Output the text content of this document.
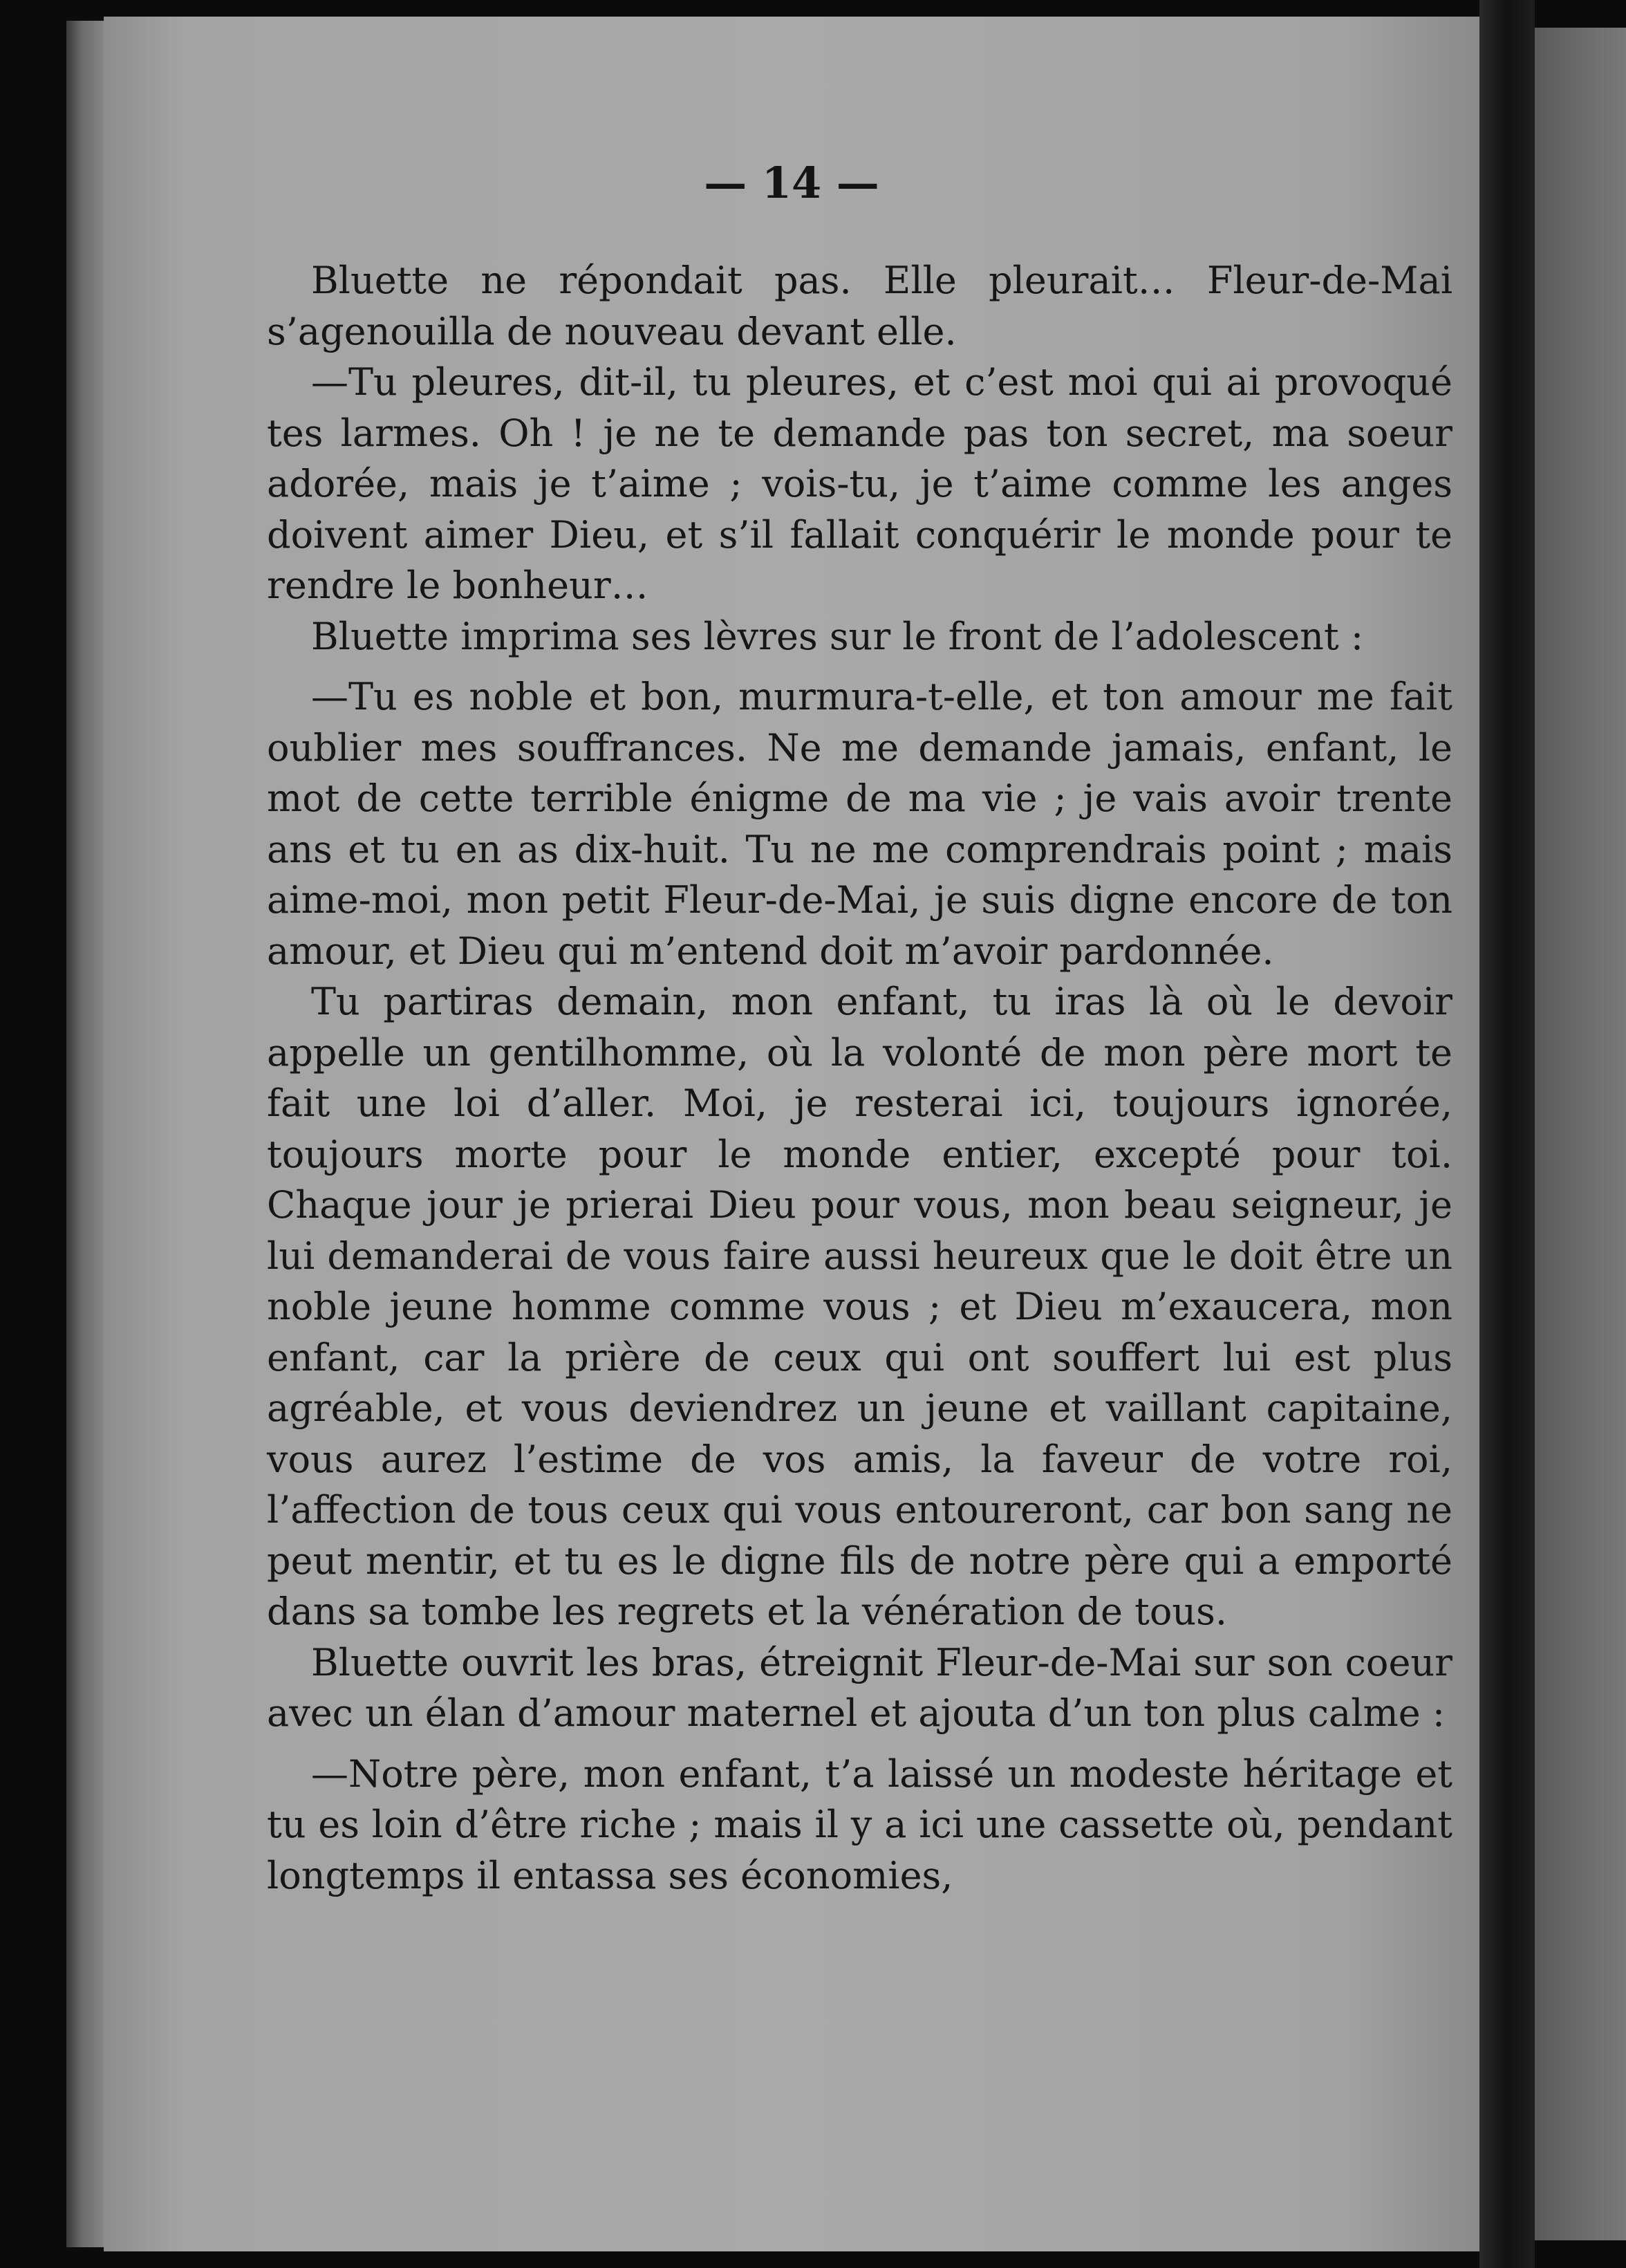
— 14 —

Bluette ne répondait pas. Elle pleurait… Fleur-de-Mai s’agenouilla de nouveau devant elle.

—Tu pleures, dit-il, tu pleures, et c’est moi qui ai provoqué tes larmes. Oh ! je ne te demande pas ton secret, ma soeur adorée, mais je t’aime ; vois-tu, je t’aime comme les anges doivent aimer Dieu, et s’il fallait conquérir le monde pour te rendre le bonheur…

Bluette imprima ses lèvres sur le front de l’adolescent :

—Tu es noble et bon, murmura-t-elle, et ton amour me fait oublier mes souffrances. Ne me demande jamais, enfant, le mot de cette terrible énigme de ma vie ; je vais avoir trente ans et tu en as dix-huit. Tu ne me comprendrais point ; mais aime-moi, mon petit Fleur-de-Mai, je suis digne encore de ton amour, et Dieu qui m’entend doit m’avoir pardonnée.

Tu partiras demain, mon enfant, tu iras là où le devoir appelle un gentilhomme, où la volonté de mon père mort te fait une loi d’aller. Moi, je resterai ici, toujours ignorée, toujours morte pour le monde entier, excepté pour toi. Chaque jour je prierai Dieu pour vous, mon beau seigneur, je lui demanderai de vous faire aussi heureux que le doit être un noble jeune homme comme vous ; et Dieu m’exaucera, mon enfant, car la prière de ceux qui ont souffert lui est plus agréable, et vous deviendrez un jeune et vaillant capitaine, vous aurez l’estime de vos amis, la faveur de votre roi, l’affection de tous ceux qui vous entoureront, car bon sang ne peut mentir, et tu es le digne fils de notre père qui a emporté dans sa tombe les regrets et la vénération de tous.

Bluette ouvrit les bras, étreignit Fleur-de-Mai sur son coeur avec un élan d’amour maternel et ajouta d’un ton plus calme :

—Notre père, mon enfant, t’a laissé un modeste héritage et tu es loin d’être riche ; mais il y a ici une cassette où, pendant longtemps il entassa ses économies,
